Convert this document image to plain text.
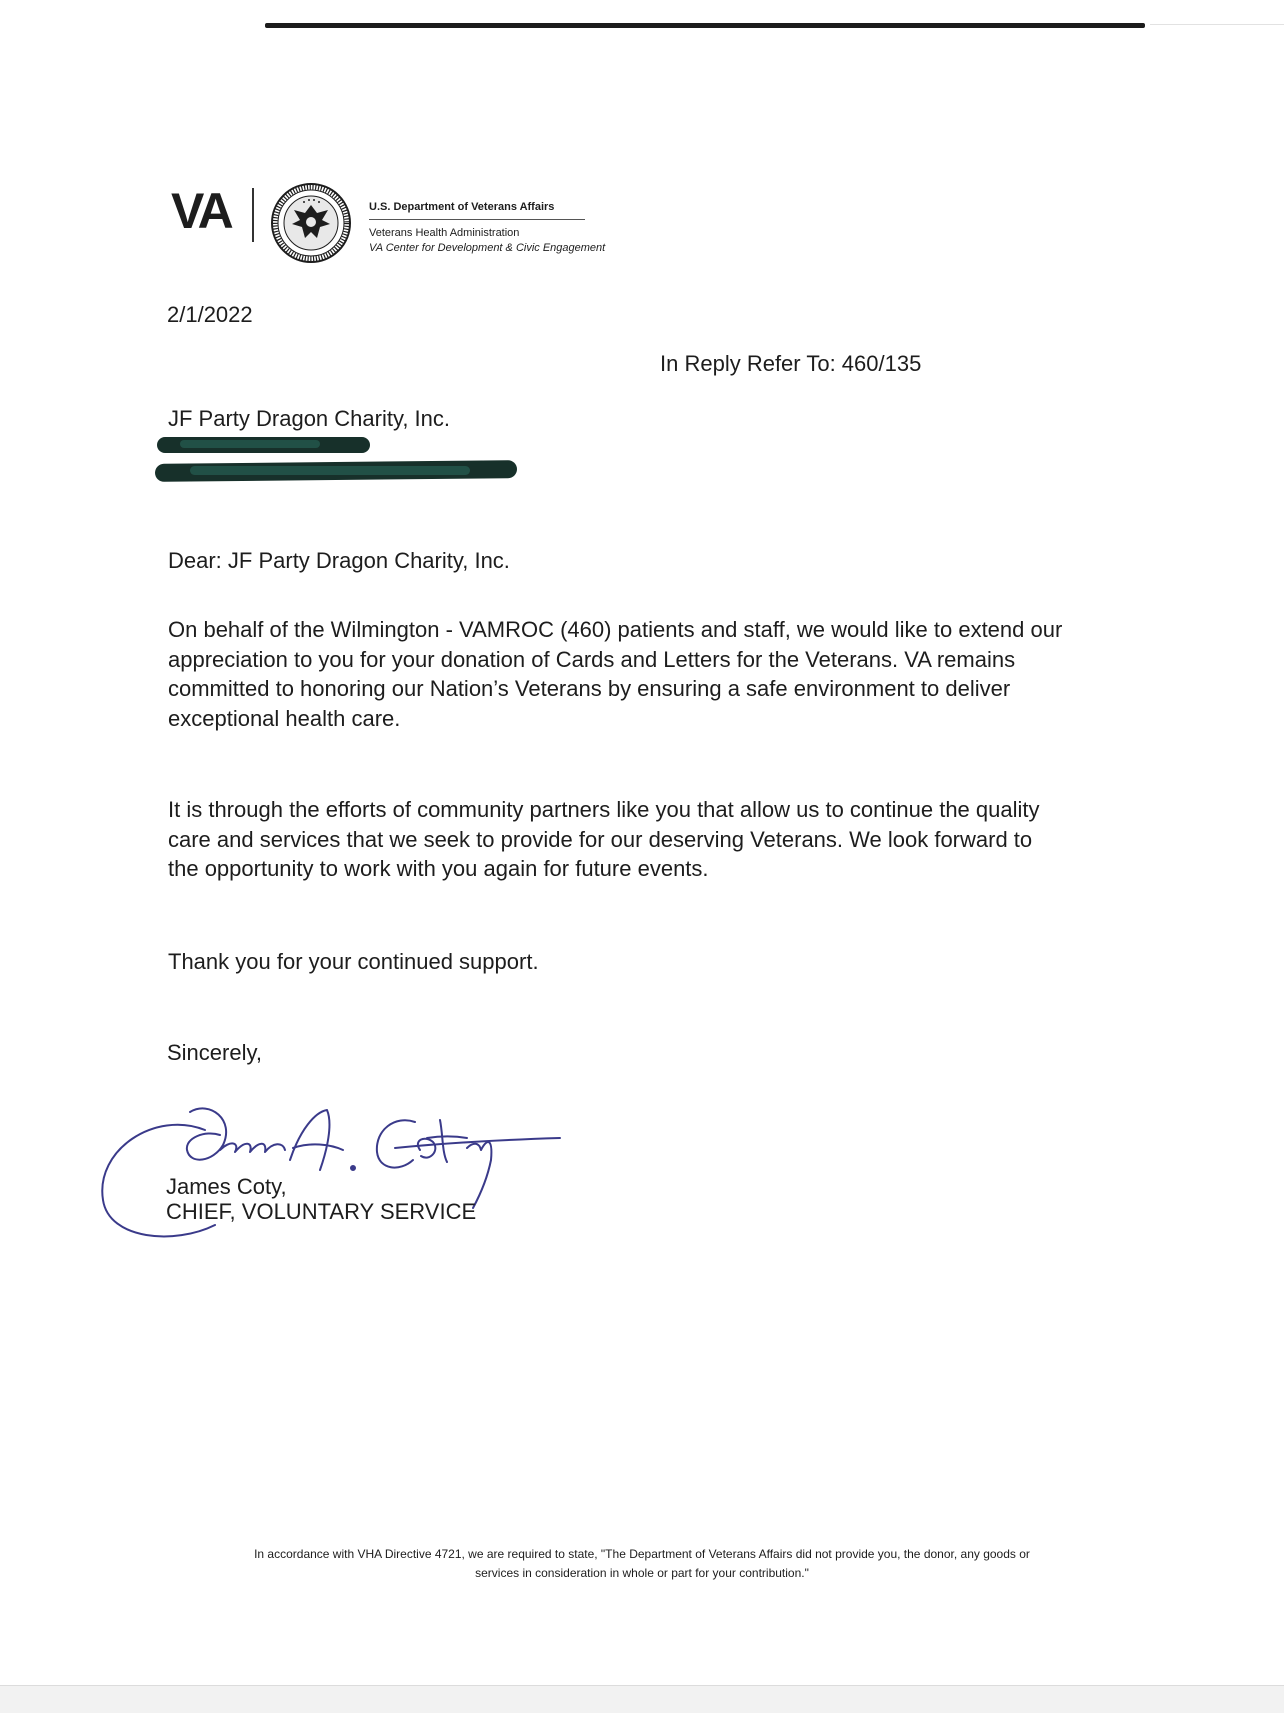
VA	U.S. Department of Veterans Affairs
Veterans Health Administration
VA Center for Development & Civic Engagement
2/1/2022
In Reply Refer To: 460/135
JF Party Dragon Charity, Inc.
Dear: JF Party Dragon Charity, Inc.
On behalf of the Wilmington - VAMROC (460) patients and staff, we would like to extend our appreciation to you for your donation of Cards and Letters for the Veterans. VA remains committed to honoring our Nation’s Veterans by ensuring a safe environment to deliver exceptional health care.
It is through the efforts of community partners like you that allow us to continue the quality care and services that we seek to provide for our deserving Veterans. We look forward to the opportunity to work with you again for future events.
Thank you for your continued support.
Sincerely,
James Coty,
CHIEF, VOLUNTARY SERVICE
In accordance with VHA Directive 4721, we are required to state, "The Department of Veterans Affairs did not provide you, the donor, any goods or
services in consideration in whole or part for your contribution."
